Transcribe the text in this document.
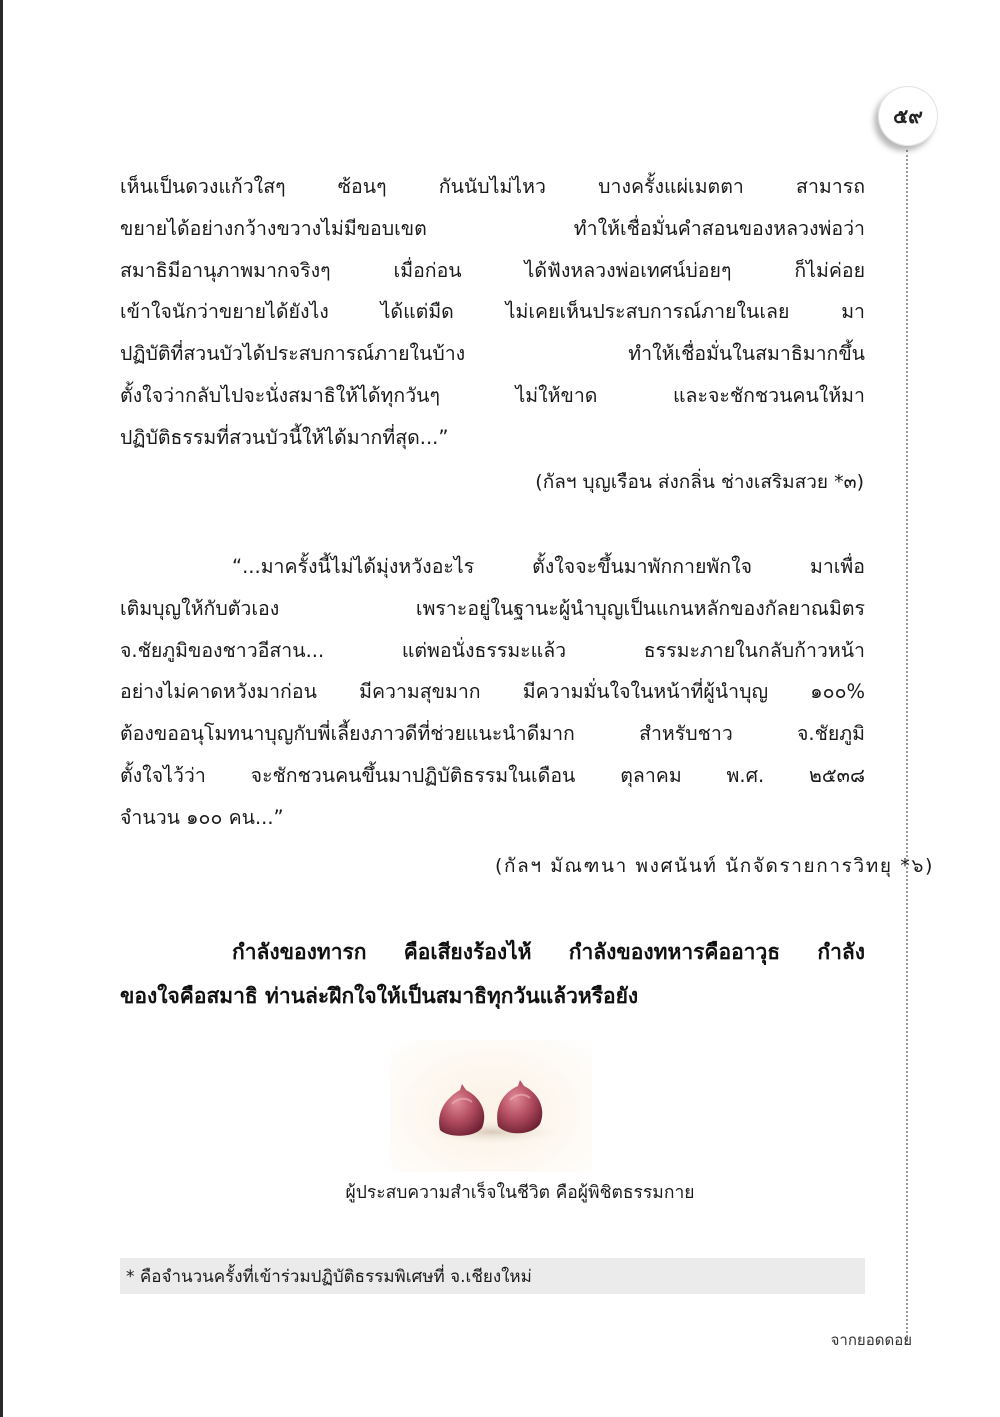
๕๙
เห็นเป็นดวงแก้วใสๆ ซ้อนๆ กันนับไม่ไหว บางครั้งแผ่เมตตา สามารถ
ขยายได้อย่างกว้างขวางไม่มีขอบเขต ทำให้เชื่อมั่นคำสอนของหลวงพ่อว่า
สมาธิมีอานุภาพมากจริงๆ เมื่อก่อน ได้ฟังหลวงพ่อเทศน์บ่อยๆ ก็ไม่ค่อย
เข้าใจนักว่าขยายได้ยังไง ได้แต่มืด ไม่เคยเห็นประสบการณ์ภายในเลย มา
ปฏิบัติที่สวนบัวได้ประสบการณ์ภายในบ้าง ทำให้เชื่อมั่นในสมาธิมากขึ้น
ตั้งใจว่ากลับไปจะนั่งสมาธิให้ได้ทุกวันๆ ไม่ให้ขาด และจะชักชวนคนให้มา
ปฏิบัติธรรมที่สวนบัวนี้ให้ได้มากที่สุด...”
(กัลฯ บุญเรือน ส่งกลิ่น ช่างเสริมสวย *๓)
“...มาครั้งนี้ไม่ได้มุ่งหวังอะไร ตั้งใจจะขึ้นมาพักกายพักใจ มาเพื่อ
เติมบุญให้กับตัวเอง เพราะอยู่ในฐานะผู้นำบุญเป็นแกนหลักของกัลยาณมิตร
จ.ชัยภูมิของชาวอีสาน... แต่พอนั่งธรรมะแล้ว ธรรมะภายในกลับก้าวหน้า
อย่างไม่คาดหวังมาก่อน มีความสุขมาก มีความมั่นใจในหน้าที่ผู้นำบุญ ๑๐๐%
ต้องขออนุโมทนาบุญกับพี่เลี้ยงภาวดีที่ช่วยแนะนำดีมาก สำหรับชาว จ.ชัยภูมิ
ตั้งใจไว้ว่า จะชักชวนคนขึ้นมาปฏิบัติธรรมในเดือน ตุลาคม พ.ศ. ๒๕๓๘
จำนวน ๑๐๐ คน...”
(กัลฯ มัณฑนา พงศนันท์ นักจัดรายการวิทยุ *๖)
กำลังของทารก คือเสียงร้องไห้ กำลังของทหารคืออาวุธ กำลัง
ของใจคือสมาธิ ท่านล่ะฝึกใจให้เป็นสมาธิทุกวันแล้วหรือยัง
ผู้ประสบความสำเร็จในชีวิต คือผู้พิชิตธรรมกาย
* คือจำนวนครั้งที่เข้าร่วมปฏิบัติธรรมพิเศษที่ จ.เชียงใหม่
จากยอดดอย
